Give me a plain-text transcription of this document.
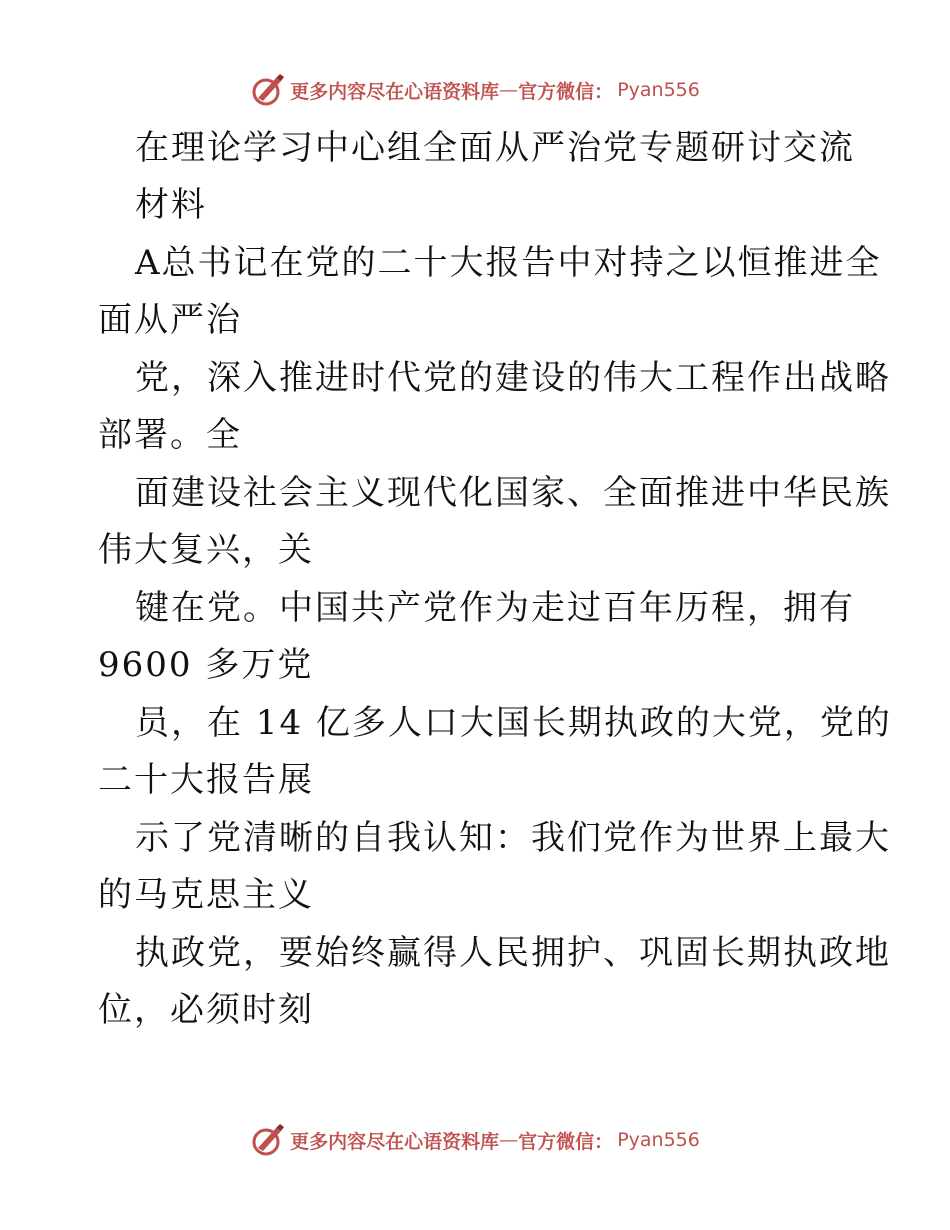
更多内容尽在心语资料库 — 官方微信： Pyan556
在理论学习中心组全面从严治党专题研讨交流
材料
A总书记在党的二十大报告中对持之以恒推进全
面从严治
党，深入推进时代党的建设的伟大工程作出战略
部署。全
面建设社会主义现代化国家、全面推进中华民族
伟大复兴，关
键在党。中国共产党作为走过百年历程，拥有
9600 多万党
员，在 14 亿多人口大国长期执政的大党，党的
二十大报告展
示了党清晰的自我认知：我们党作为世界上最大
的马克思主义
执政党，要始终赢得人民拥护、巩固长期执政地
位，必须时刻
更多内容尽在心语资料库 — 官方微信： Pyan556
